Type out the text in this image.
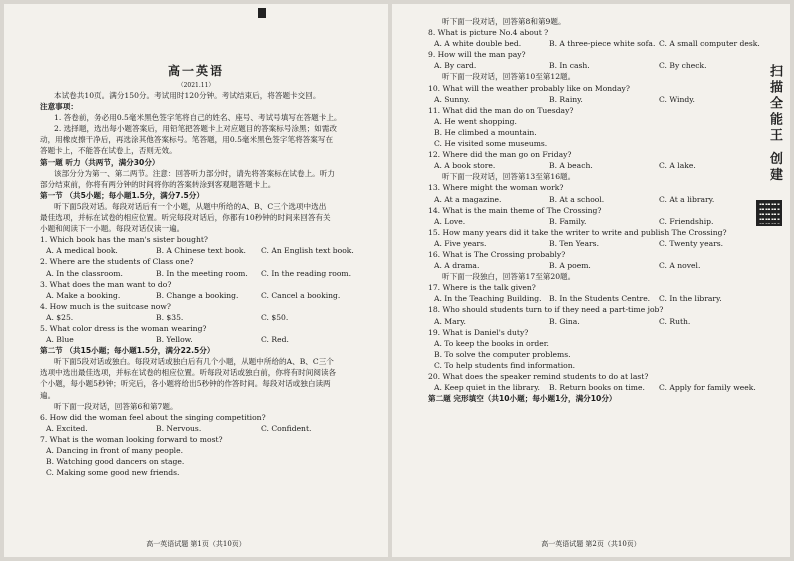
高一英语
（2021.11）
本试卷共10页。满分150分。考试用时120分钟。考试结束后，将答题卡交回。
注意事项：
1. 答卷前，务必用0.5毫米黑色签字笔将自己的姓名、座号、考试号填写在答题卡上。
2. 选择题，选出每小题答案后，用铅笔把答题卡上对应题目的答案标号涂黑；如需改
动，用橡皮擦干净后，再选涂其他答案标号。笔答题，用0.5毫米黑色签字笔将答案写在
答题卡上，不能答在试卷上，否则无效。
第一题 听力（共两节，满分30分）
该部分分为第一、第二两节。注意：回答听力部分时，请先将答案标在试卷上。听力
部分结束前，你将有两分钟的时间将你的答案转涂到客观题答题卡上。
第一节 （共5小题；每小题1.5分，满分7.5分）
听下面5段对话。每段对话后有一个小题，从题中所给的A、B、C三个选项中选出
最佳选项，并标在试卷的相应位置。听完每段对话后，你都有10秒钟的时间来回答有关
小题和阅读下一小题。每段对话仅读一遍。
1. Which book has the man's sister bought?
A. A medical book.	B. A Chinese text book.	C. An English text book.
2. Where are the students of Class one?
A. In the classroom.	B. In the meeting room.	C. In the reading room.
3. What does the man want to do?
A. Make a booking.	B. Change a booking.	C. Cancel a booking.
4. How much is the suitcase now?
A. $25.	B. $35.	C. $50.
5. What color dress is the woman wearing?
A. Blue	B. Yellow.	C. Red.
第二节 （共15小题；每小题1.5分，满分22.5分）
听下面5段对话或独白。每段对话或独白后有几个小题，从题中所给的A、B、C三个
选项中选出最佳选项，并标在试卷的相应位置。听每段对话或独白前，你将有时间阅读各
个小题，每小题5秒钟；听完后，各小题将给出5秒钟的作答时间。每段对话或独白读两
遍。
听下面一段对话，回答第6和第7题。
6. How did the woman feel about the singing competition?
A. Excited.	B. Nervous.	C. Confident.
7. What is the woman looking forward to most?
A. Dancing in front of many people.
B. Watching good dancers on stage.
C. Making some good new friends.
高一英语试题 第1页（共10页）
听下面一段对话，回答第8和第9题。
8. What is picture No.4 about ?
A. A white double bed.	B. A three-piece white sofa. C. A small computer desk.
9. How will the man pay?
A. By card.	B. In cash.	C. By check.
听下面一段对话，回答第10至第12题。
10. What will the weather probably like on Monday?
A. Sunny.	B. Rainy.	C. Windy.
11. What did the man do on Tuesday?
A. He went shopping.
B. He climbed a mountain.
C. He visited some museums.
12. Where did the man go on Friday?
A. A book store.	B. A beach.	C. A lake.
听下面一段对话，回答第13至第16题。
13. Where might the woman work?
A. At a magazine.	B. At a school.	C. At a library.
14. What is the main theme of The Crossing?
A. Love.	B. Family.	C. Friendship.
15. How many years did it take the writer to write and publish The Crossing?
A. Five years.	B. Ten Years.	C. Twenty years.
16. What is The Crossing probably?
A. A drama.	B. A poem.	C. A novel.
听下面一段独白，回答第17至第20题。
17. Where is the talk given?
A. In the Teaching Building. B. In the Students Centre.	C. In the library.
18. Who should students turn to if they need a part-time job?
A. Mary.	B. Gina.	C. Ruth.
19. What is Daniel's duty?
A. To keep the books in order.
B. To solve the computer problems.
C. To help students find information.
20. What does the speaker remind students to do at last?
A. Keep quiet in the library.	B. Return books on time.	C. Apply for family week.
第二题 完形填空（共10小题；每小题1分，满分10分）
扫描全能王 创建
高一英语试题 第2页（共10页）
